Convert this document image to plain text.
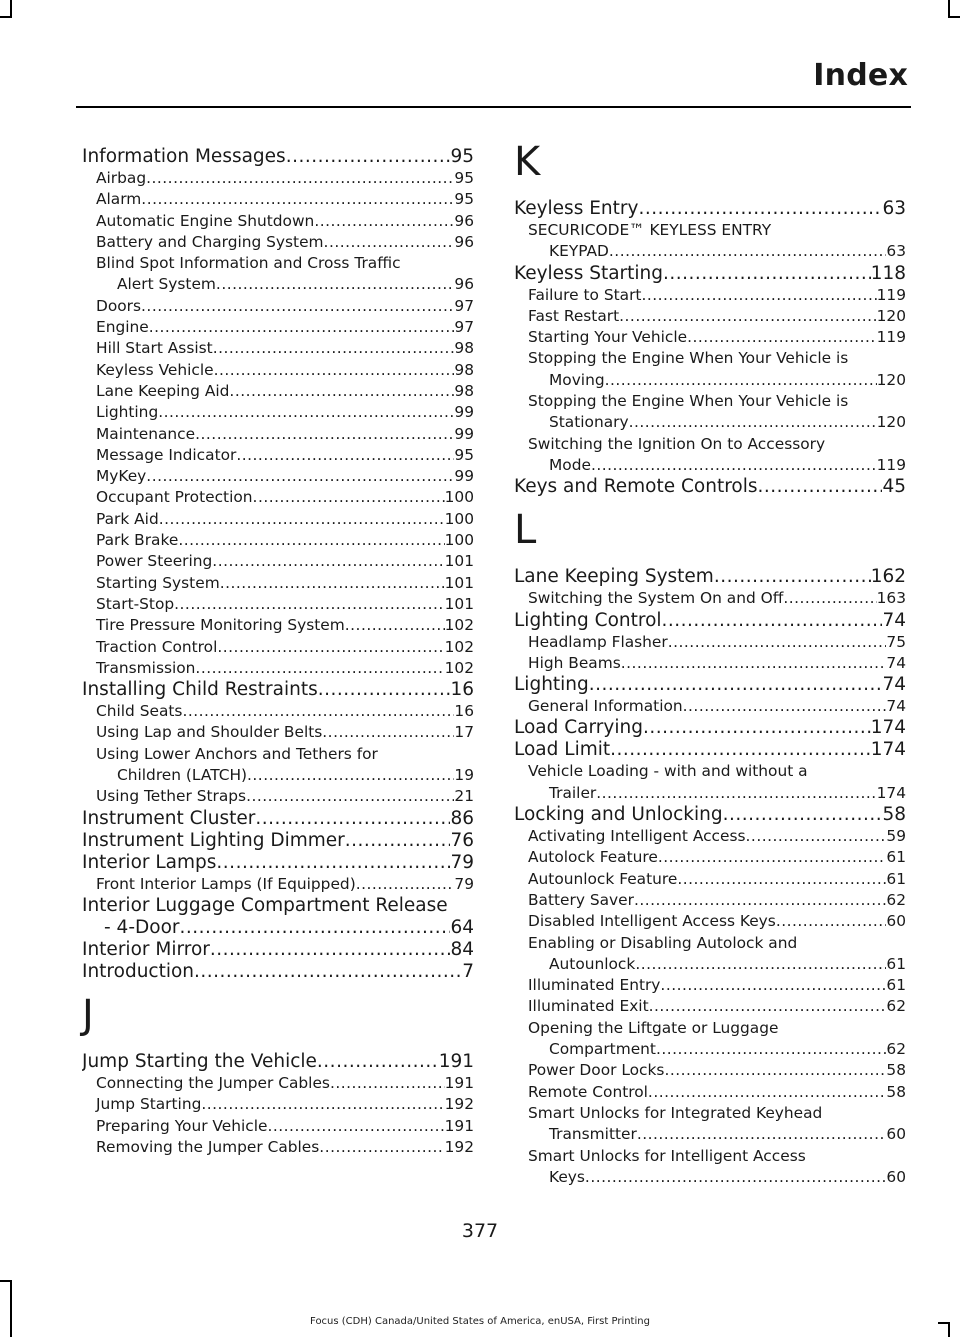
Index
Information Messages .....	95
Airbag .....	95
Alarm .....	95
Automatic Engine Shutdown .....	96
Battery and Charging System .....	96
Blind Spot Information and Cross Traffic
Alert System .....	96
Doors .....	97
Engine .....	97
Hill Start Assist .....	98
Keyless Vehicle .....	98
Lane Keeping Aid .....	98
Lighting .....	99
Maintenance .....	99
Message Indicator .....	95
MyKey .....	99
Occupant Protection .....	100
Park Aid .....	100
Park Brake .....	100
Power Steering .....	101
Starting System .....	101
Start-Stop .....	101
Tire Pressure Monitoring System .....	102
Traction Control .....	102
Transmission .....	102
Installing Child Restraints .....	16
Child Seats .....	16
Using Lap and Shoulder Belts .....	17
Using Lower Anchors and Tethers for
Children (LATCH) .....	19
Using Tether Straps .....	21
Instrument Cluster .....	86
Instrument Lighting Dimmer .....	76
Interior Lamps .....	79
Front Interior Lamps (If Equipped) .....	79
Interior Luggage Compartment Release
- 4-Door .....	64
Interior Mirror .....	84
Introduction .....	7
J
Jump Starting the Vehicle .....	191
Connecting the Jumper Cables .....	191
Jump Starting .....	192
Preparing Your Vehicle .....	191
Removing the Jumper Cables .....	192
K
Keyless Entry .....	63
SECURICODE™ KEYLESS ENTRY
KEYPAD .....	63
Keyless Starting .....	118
Failure to Start .....	119
Fast Restart .....	120
Starting Your Vehicle .....	119
Stopping the Engine When Your Vehicle is
Moving .....	120
Stopping the Engine When Your Vehicle is
Stationary .....	120
Switching the Ignition On to Accessory
Mode .....	119
Keys and Remote Controls .....	45
L
Lane Keeping System .....	162
Switching the System On and Off .....	163
Lighting Control .....	74
Headlamp Flasher .....	75
High Beams .....	74
Lighting .....	74
General Information .....	74
Load Carrying .....	174
Load Limit .....	174
Vehicle Loading - with and without a
Trailer .....	174
Locking and Unlocking .....	58
Activating Intelligent Access .....	59
Autolock Feature .....	61
Autounlock Feature .....	61
Battery Saver .....	62
Disabled Intelligent Access Keys .....	60
Enabling or Disabling Autolock and
Autounlock .....	61
Illuminated Entry .....	61
Illuminated Exit .....	62
Opening the Liftgate or Luggage
Compartment .....	62
Power Door Locks .....	58
Remote Control .....	58
Smart Unlocks for Integrated Keyhead
Transmitter .....	60
Smart Unlocks for Intelligent Access
Keys .....	60
377
Focus (CDH) Canada/United States of America, enUSA, First Printing
